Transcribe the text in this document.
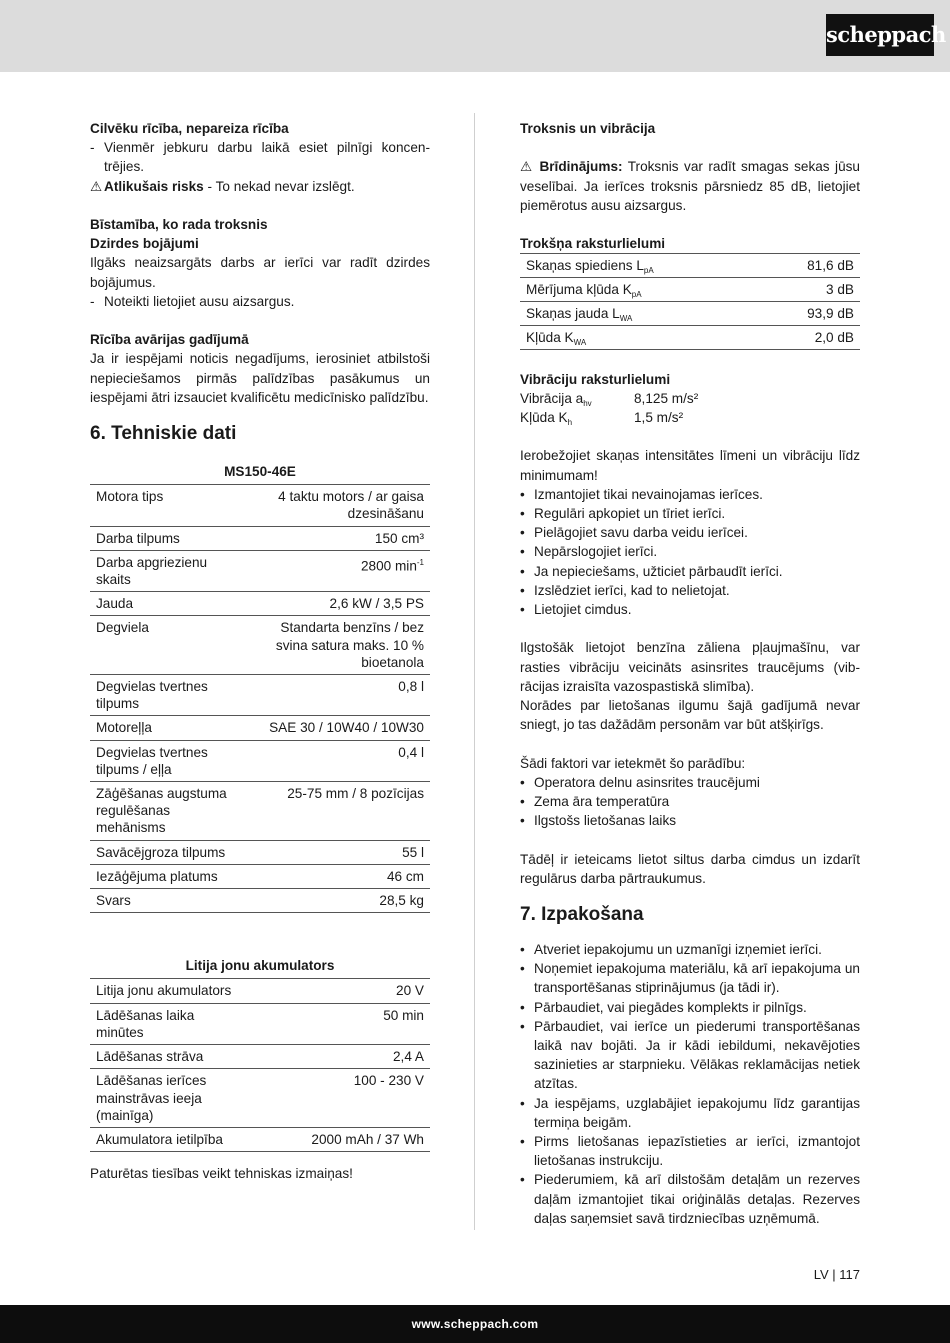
scheppach
Cilvēku rīcība, nepareiza rīcība
- Vienmēr jebkuru darbu laikā esiet pilnīgi koncentrējies.

⚠ Atlikušais risks - To nekad nevar izslēgt.

Bīstamība, ko rada troksnis
Dzirdes bojājumi

Ilgāks neaizsargāts darbs ar ierīci var radīt dzirdes bojājumus.

- Noteikti lietojiet ausu aizsargus.
Rīcība avārijas gadījumā

Ja ir iespējami noticis negadījums, ierosiniet atbilstoši nepieciešamos pirmās palīdzības pasākumus un iespējami ātri izsauciet kvalificētu medicīnisko palīdzību.

6. Tehniskie dati
MS150-46E
Motora tips	4 taktu motors / ar gaisa dzesināšanu
Darba tilpums	150 cm³
Darba apgriezienu skaits	2800 $\min^{-1}$
Jauda	2,6 kW / 3,5 PS
Degviela	Standarta benzīns / bez svina satura maks. 10 % bioetanola
Degvielas tvertnes tilpums	0,8 l
Motoreļļa	SAE 30 / 10W40 / 10W30
Degvielas tvertnes tilpums / eļļa	0,4 l
Zāģēšanas augstuma regulēšanas mehānisms	25-75 mm / 8 pozīcijas
Savācējgroza tilpums	55 l
Iezāģējuma platums	46 cm
Svars	28,5 kg
Litija jonu akumulators
Litija jonu akumulators	20 V
Lādēšanas laika minūtes	50 min
Lādēšanas strāva	2,4 A
Lādēšanas ierīces mainstrāvas ieeja (mainīga)	100 - 230 V
Akumulatora ietilpība	2000 mAh / 37 Wh

Paturētas tiesības veikt tehniskas izmaiņas!

Troksnis un vibrācija

⚠ Brīdinājums: Troksnis var radīt smagas sekas jūsu veselībai. Ja ierīces troksnis pārsniedz 85 dB, lietojiet piemērotus ausu aizsargus.

Trokšņa raksturlielumi
Skaņas spiediens $L_{pA}$	81,6 dB
Mērījuma kļūda $K_{pA}$	3 dB
Skaņas jauda $L_{WA}$	93,9 dB
Kļūda $K_{WA}$	2,0 dB
Vibrāciju raksturlielumi
Vibrācija $a_{hv}$	8,125 m/s²
Kļūda $K_h$	1,5 m/s²

Ierobežojiet skaņas intensitātes līmeni un vibrāciju līdz minimumam!

• Izmantojiet tikai nevainojamas ierīces.
• Regulāri apkopiet un tīriet ierīci.
• Pielāgojiet savu darba veidu ierīcei.
• Nepārslogojiet ierīci.
• Ja nepieciešams, užticiet pārbaudīt ierīci.
• Izslēdziet ierīci, kad to nelietojat.
• Lietojiet cimdus.

Ilgstošāk lietojot benzīna zāliena pļaujmašīnu, var rasties vibrāciju veicināts asinsrites traucējums (vibrācijas izraisīta vazospastiskā slimība).

Norādes par lietošanas ilgumu šajā gadījumā nevar sniegt, jo tas dažādām personām var būt atšķirīgs.

Šādi faktori var ietekmēt šo parādību:

• Operatora delnu asinsrites traucējumi
• Zema āra temperatūra
• Ilgstošs lietošanas laiks

Tādēļ ir ieteicams lietot siltus darba cimdus un izdarīt regulārus darba pārtraukumus.

7. Izpakošana
• Atveriet iepakojumu un uzmanīgi izņemiet ierīci.
• Noņemiet iepakojuma materiālu, kā arī iepakojuma un transportēšanas stiprinājumus (ja tādi ir).
• Pārbaudiet, vai piegādes komplekts ir pilnīgs.
• Pārbaudiet, vai ierīce un piederumi transportēšanas laikā nav bojāti. Ja ir kādi iebildumi, nekavējoties sazinieties ar starpnieku. Vēlākas reklamācijas netiek atzītas.
• Ja iespējams, uzglabājiet iepakojumu līdz garantijas termiņa beigām.
• Pirms lietošanas iepazīstieties ar ierīci, izmantojot lietošanas instrukciju.
• Piederumiem, kā arī dilstošām detaļām un rezerves daļām izmantojiet tikai oriģinālās detaļas. Rezerves daļas saņemsiet savā tirdzniecības uzņēmumā.
LV | 117
www.scheppach.com
